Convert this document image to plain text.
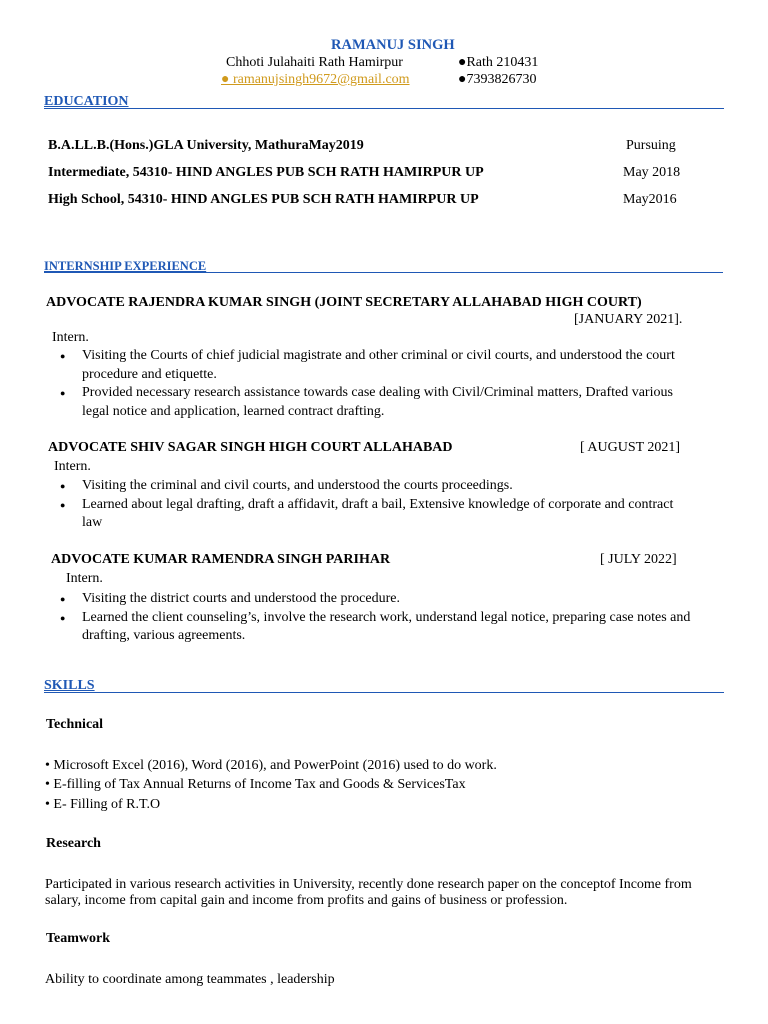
RAMANUJ SINGH
Chhoti Julahaiti Rath Hamirpur
● ramanujsingh9672@gmail.com
●Rath 210431
●7393826730
EDUCATION
B.A.LL.B.(Hons.)GLA University, MathuraMay2019	Pursuing
Intermediate, 54310- HIND ANGLES PUB SCH RATH HAMIRPUR UP	May 2018
High School, 54310- HIND ANGLES PUB SCH RATH HAMIRPUR UP	May2016
INTERNSHIP EXPERIENCE
ADVOCATE RAJENDRA KUMAR SINGH (JOINT SECRETARY ALLAHABAD HIGH COURT)
[JANUARY 2021].
Intern.
● Visiting the Courts of chief judicial magistrate and other criminal or civil courts, and understood the court procedure and etiquette.
● Provided necessary research assistance towards case dealing with Civil/Criminal matters, Drafted various legal notice and application, learned contract drafting.
ADVOCATE SHIV SAGAR SINGH HIGH COURT ALLAHABAD	[ AUGUST 2021]
Intern.
● Visiting the criminal and civil courts, and understood the courts proceedings.
● Learned about legal drafting, draft a affidavit, draft a bail, Extensive knowledge of corporate and contract law
ADVOCATE KUMAR RAMENDRA SINGH PARIHAR	[ JULY 2022]
Intern.
● Visiting the district courts and understood the procedure.
● Learned the client counseling’s, involve the research work, understand legal notice, preparing case notes and drafting, various agreements.
SKILLS
Technical
• Microsoft Excel (2016), Word (2016), and PowerPoint (2016) used to do work.
• E-filling of Tax Annual Returns of Income Tax and Goods & ServicesTax
• E- Filling of R.T.O
Research
Participated in various research activities in University, recently done research paper on the conceptof Income from salary, income from capital gain and income from profits and gains of business or profession.
Teamwork
Ability to coordinate among teammates , leadership
